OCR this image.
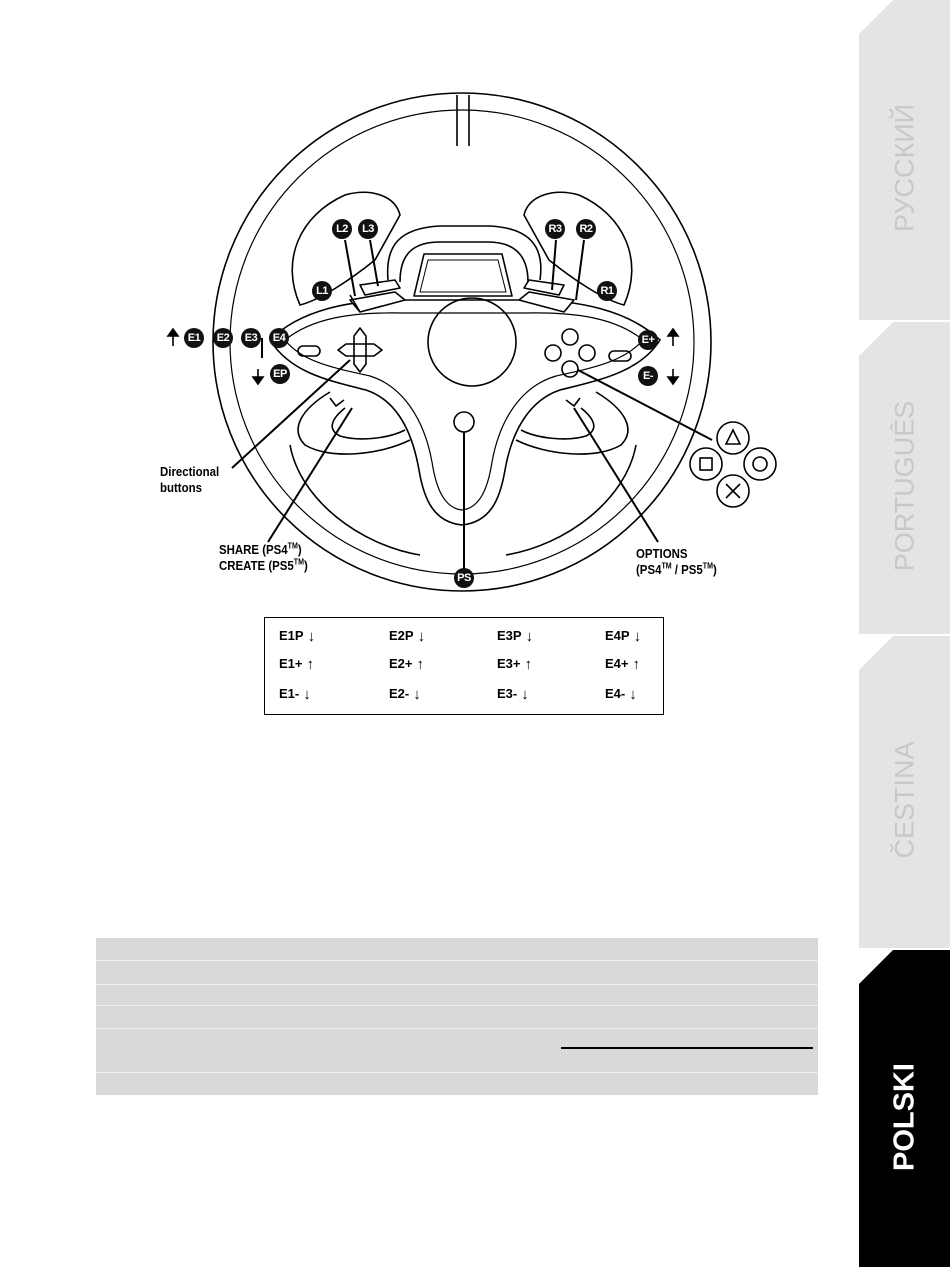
L2	L3
L1
R3	R2
R1
E1	E2	E3	E4
EP
E+
E-
PS
Directional
buttons
SHARE (PS4™)
CREATE (PS5™)
OPTIONS
(PS4™ / PS5™)
E1P ↓	E2P ↓	E3P ↓	E4P ↓
E1+ ↑	E2+ ↑	E3+ ↑	E4+ ↑
E1- ↓	E2- ↓	E3- ↓	E4- ↓
РУССКИЙ
PORTUGUÊS
ČESTINA
POLSKI
